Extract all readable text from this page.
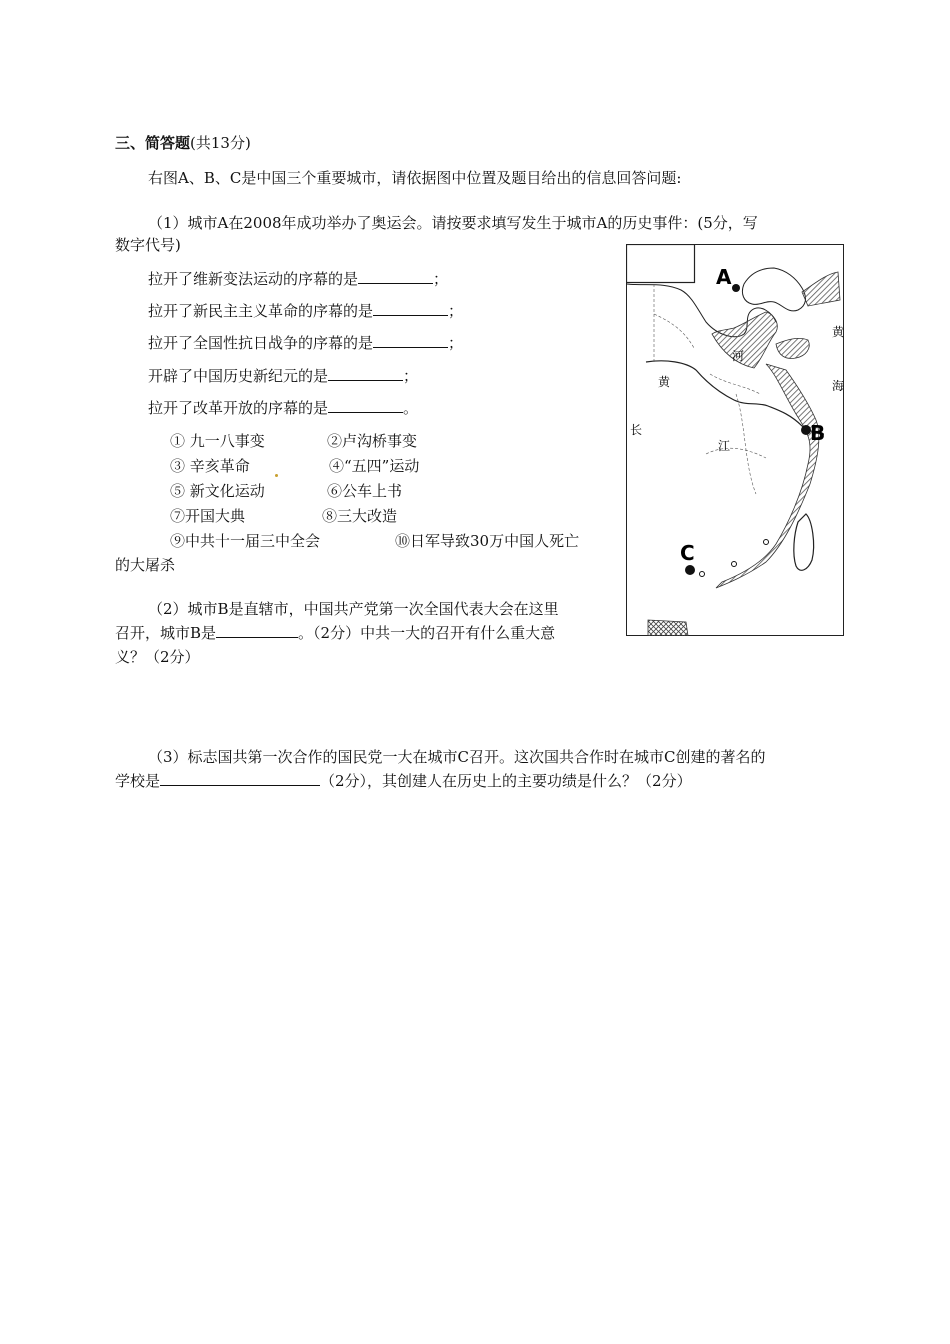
三、简答题(共13分)
右图A、B、C是中国三个重要城市，请依据图中位置及题目给出的信息回答问题:
（1）城市A在2008年成功举办了奥运会。请按要求填写发生于城市A的历史事件：(5分，写
数字代号)
拉开了维新变法运动的序幕的是	；
拉开了新民主主义革命的序幕的是	；
拉开了全国性抗日战争的序幕的是	；
开辟了中国历史新纪元的是	；
拉开了改革开放的序幕的是	。
① 九一八事变	②卢沟桥事变
③ 辛亥革命	④“五四”运动
⑤ 新文化运动	⑥公车上书
⑦开国大典	⑧三大改造
⑨中共十一届三中全会	⑩日军导致30万中国人死亡
的大屠杀
（2）城市B是直辖市，中国共产党第一次全国代表大会在这里
召开，城市B是	。（2分）中共一大的召开有什么重大意
义？（2分）
（3）标志国共第一次合作的国民党一大在城市C召开。这次国共合作时在城市C创建的著名的
学校是	（2分），其创建人在历史上的主要功绩是什么？（2分）
A
B
C
黄
海
河
黄
长
江
